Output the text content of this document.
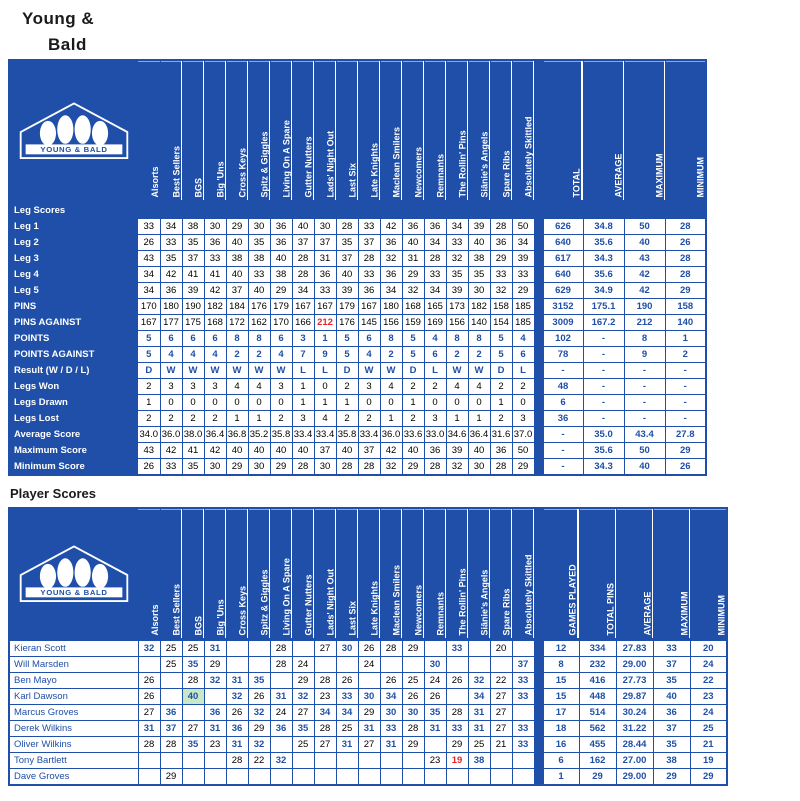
Young &
Bald
YOUNG & BALD	Alsorts	Best Sellers	BGS	Big 'Uns	Cross Keys	Spitz & Giggles	Living On A Spare	Gutter Nutters	Lads' Night Out	Last Six	Late Knights	Maclean Smilers	Newcomers	Remnants	The Rollin' Pins	Siânie's Angels	Spare Ribs	Absolutely Skittled		TOTAL	AVERAGE	MAXIMUM	MINIMUM
Leg Scores																							
Leg 1	33	34	38	30	29	30	36	40	30	28	33	42	36	36	34	39	28	50		626	34.8	50	28
Leg 2	26	33	35	36	40	35	36	37	37	35	37	36	40	34	33	40	36	34		640	35.6	40	26
Leg 3	43	35	37	33	38	38	40	28	31	37	28	32	31	28	32	38	29	39		617	34.3	43	28
Leg 4	34	42	41	41	40	33	38	28	36	40	33	36	29	33	35	35	33	33		640	35.6	42	28
Leg 5	34	36	39	42	37	40	29	34	33	39	36	34	32	34	39	30	32	29		629	34.9	42	29
PINS	170	180	190	182	184	176	179	167	167	179	167	180	168	165	173	182	158	185		3152	175.1	190	158
PINS AGAINST	167	177	175	168	172	162	170	166	212	176	145	156	159	169	156	140	154	185		3009	167.2	212	140
POINTS	5	6	6	6	8	8	6	3	1	5	6	8	5	4	8	8	5	4		102	-	8	1
POINTS AGAINST	5	4	4	4	2	2	4	7	9	5	4	2	5	6	2	2	5	6		78	-	9	2
Result (W / D / L)	D	W	W	W	W	W	W	L	L	D	W	W	D	L	W	W	D	L		-	-	-	-
Legs Won	2	3	3	3	4	4	3	1	0	2	3	4	2	2	4	4	2	2		48	-	-	-
Legs Drawn	1	0	0	0	0	0	0	1	1	1	0	0	1	0	0	0	1	0		6	-	-	-
Legs Lost	2	2	2	2	1	1	2	3	4	2	2	1	2	3	1	1	2	3		36	-	-	-
Average Score	34.0	36.0	38.0	36.4	36.8	35.2	35.8	33.4	33.4	35.8	33.4	36.0	33.6	33.0	34.6	36.4	31.6	37.0		-	35.0	43.4	27.8
Maximum Score	43	42	41	42	40	40	40	40	37	40	37	42	40	36	39	40	36	50		-	35.6	50	29
Minimum Score	26	33	35	30	29	30	29	28	30	28	28	32	29	28	32	30	28	29		-	34.3	40	26
Player Scores
YOUNG & BALD	Alsorts	Best Sellers	BGS	Big 'Uns	Cross Keys	Spitz & Giggles	Living On A Spare	Gutter Nutters	Lads' Night Out	Last Six	Late Knights	Maclean Smilers	Newcomers	Remnants	The Rollin' Pins	Siânie's Angels	Spare Ribs	Absolutely Skittled		GAMES PLAYED	TOTAL PINS	AVERAGE	MAXIMUM	MINIMUM
Kieran Scott	32	25	25	31			28		27	30	26	28	29		33		20			12	334	27.83	33	20
Will Marsden		25	35	29			28	24			24			30				37		8	232	29.00	37	24
Ben Mayo	26		28	32	31	35		29	28	26		26	25	24	26	32	22	33		15	416	27.73	35	22
Karl Dawson	26		40		32	26	31	32	23	33	30	34	26	26		34	27	33		15	448	29.87	40	23
Marcus Groves	27	36		36	26	32	24	27	34	34	29	30	30	35	28	31	27			17	514	30.24	36	24
Derek Wilkins	31	37	27	31	36	29	36	35	28	25	31	33	28	31	33	31	27	33		18	562	31.22	37	25
Oliver Wilkins	28	28	35	23	31	32		25	27	31	27	31	29		29	25	21	33		16	455	28.44	35	21
Tony Bartlett					28	22	32							23	19	38				6	162	27.00	38	19
Dave Groves		29																		1	29	29.00	29	29
